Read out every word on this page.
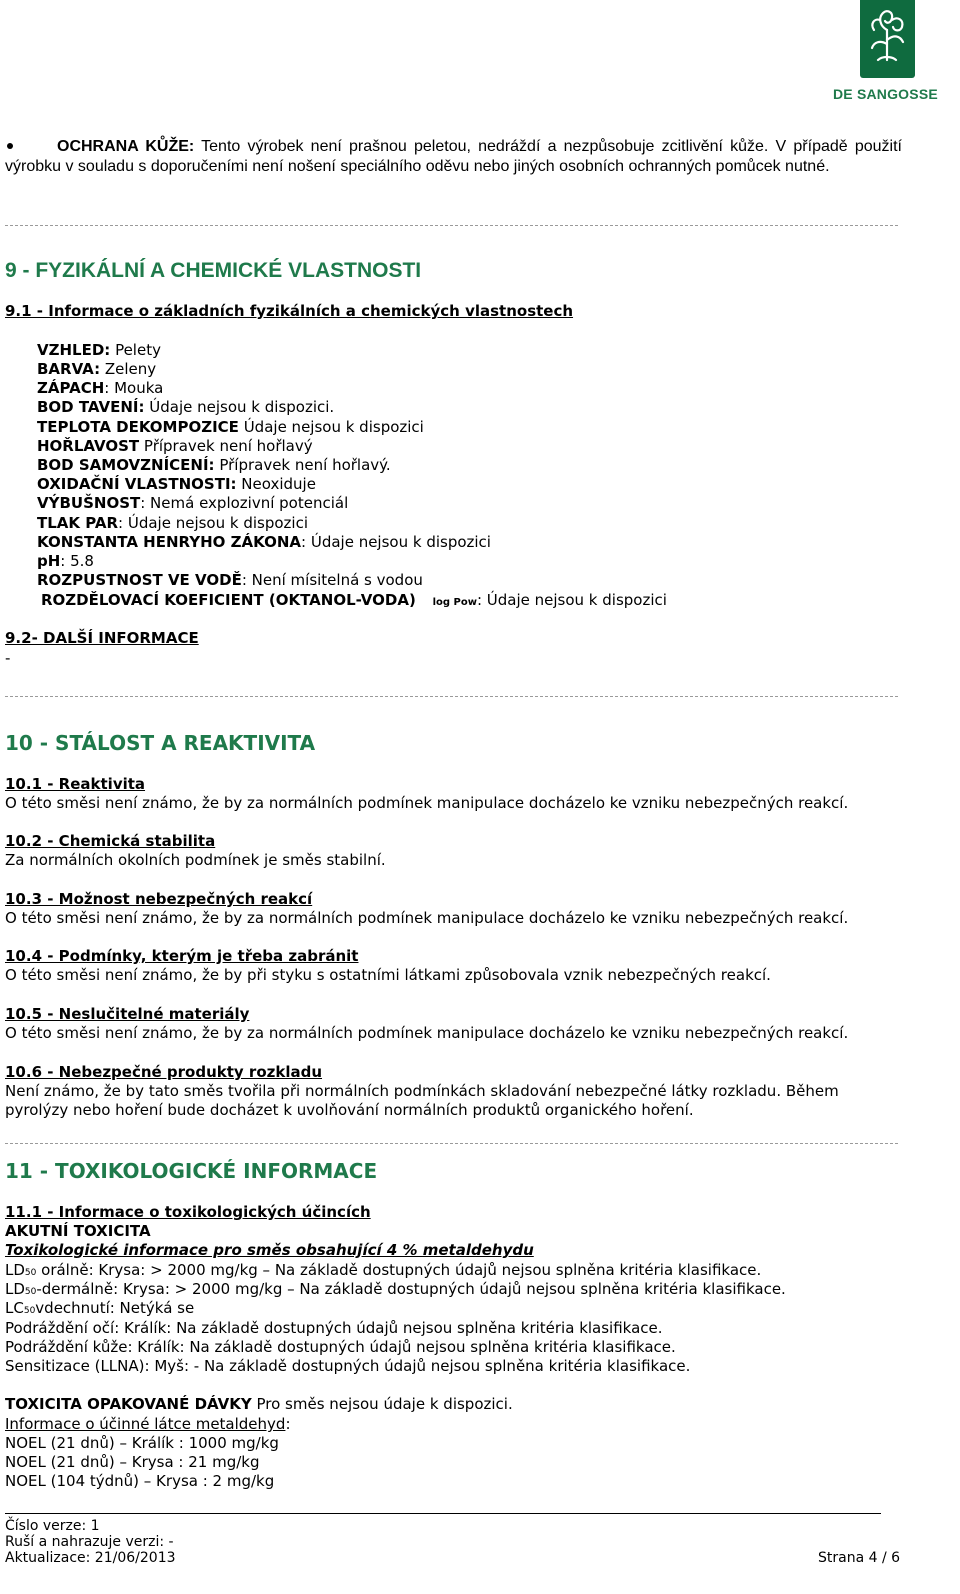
DE SANGOSSE
OCHRANA KŮŽE: Tento výrobek není prašnou peletou, nedráždí a nezpůsobuje zcitlivění kůže. V případě použití výrobku v souladu s doporučeními není nošení speciálního oděvu nebo jiných osobních ochranných pomůcek nutné.
9 - FYZIKÁLNÍ A CHEMICKÉ VLASTNOSTI
9.1 - Informace o základních fyzikálních a chemických vlastnostech
VZHLED: Pelety
BARVA: Zeleny
ZÁPACH: Mouka
BOD TAVENÍ: Údaje nejsou k dispozici.
TEPLOTA DEKOMPOZICE Údaje nejsou k dispozici
HOŘLAVOST Přípravek není hořlavý
BOD SAMOVZNÍCENÍ: Přípravek není hořlavý.
OXIDAČNÍ VLASTNOSTI: Neoxiduje
VÝBUŠNOST: Nemá explozivní potenciál
TLAK PAR: Údaje nejsou k dispozici
KONSTANTA HENRYHO ZÁKONA: Údaje nejsou k dispozici
pH: 5.8
ROZPUSTNOST VE VODĚ: Není mísitelná s vodou
ROZDĚLOVACÍ KOEFICIENT (OKTANOL-VODA) log Pow: Údaje nejsou k dispozici
9.2- DALŠÍ INFORMACE
-
10 - STÁLOST A REAKTIVITA
10.1 - Reaktivita
O této směsi není známo, že by za normálních podmínek manipulace docházelo ke vzniku nebezpečných reakcí.
10.2 - Chemická stabilita
Za normálních okolních podmínek je směs stabilní.
10.3 - Možnost nebezpečných reakcí
O této směsi není známo, že by za normálních podmínek manipulace docházelo ke vzniku nebezpečných reakcí.
10.4 - Podmínky, kterým je třeba zabránit
O této směsi není známo, že by při styku s ostatními látkami způsobovala vznik nebezpečných reakcí.
10.5 - Neslučitelné materiály
O této směsi není známo, že by za normálních podmínek manipulace docházelo ke vzniku nebezpečných reakcí.
10.6 - Nebezpečné produkty rozkladu
Není známo, že by tato směs tvořila při normálních podmínkách skladování nebezpečné látky rozkladu. Během
pyrolýzy nebo hoření bude docházet k uvolňování normálních produktů organického hoření.
11 - TOXIKOLOGICKÉ INFORMACE
11.1 - Informace o toxikologických účincích
AKUTNÍ TOXICITA
Toxikologické informace pro směs obsahující 4 % metaldehydu
LD50 orálně: Krysa: > 2000 mg/kg – Na základě dostupných údajů nejsou splněna kritéria klasifikace.
LD50-dermálně: Krysa: > 2000 mg/kg – Na základě dostupných údajů nejsou splněna kritéria klasifikace.
LC50vdechnutí: Netýká se
Podráždění očí: Králík: Na základě dostupných údajů nejsou splněna kritéria klasifikace.
Podráždění kůže: Králík: Na základě dostupných údajů nejsou splněna kritéria klasifikace.
Sensitizace (LLNA): Myš: - Na základě dostupných údajů nejsou splněna kritéria klasifikace.
TOXICITA OPAKOVANÉ DÁVKY Pro směs nejsou údaje k dispozici.
Informace o účinné látce metaldehyd:
NOEL (21 dnů) – Králík : 1000 mg/kg
NOEL (21 dnů) – Krysa : 21 mg/kg
NOEL (104 týdnů) – Krysa : 2 mg/kg
Číslo verze: 1
Ruší a nahrazuje verzi: -
Aktualizace: 21/06/2013	Strana 4 / 6
